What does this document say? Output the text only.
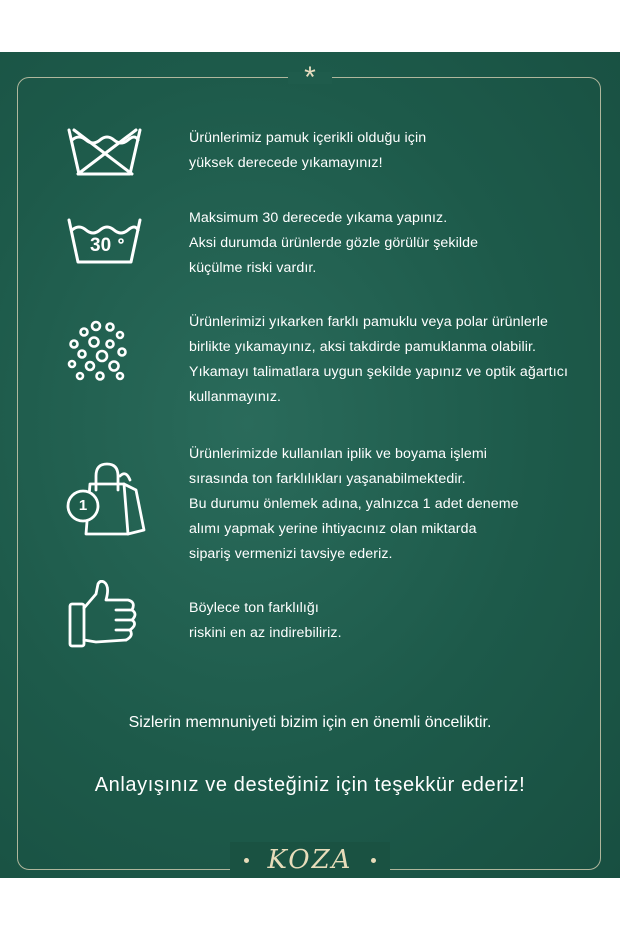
*
Ürünlerimiz pamuk içerikli olduğu için
yüksek derecede yıkamayınız!
30
Maksimum 30 derecede yıkama yapınız.
Aksi durumda ürünlerde gözle görülür şekilde
küçülme riski vardır.
Ürünlerimizi yıkarken farklı pamuklu veya polar ürünlerle
birlikte yıkamayınız, aksi takdirde pamuklanma olabilir.
Yıkamayı talimatlara uygun şekilde yapınız ve optik ağartıcı
kullanmayınız.
1
Ürünlerimizde kullanılan iplik ve boyama işlemi
sırasında ton farklılıkları yaşanabilmektedir.
Bu durumu önlemek adına, yalnızca 1 adet deneme
alımı yapmak yerine ihtiyacınız olan miktarda
sipariş vermenizi tavsiye ederiz.
Böylece ton farklılığı
riskini en az indirebiliriz.
Sizlerin memnuniyeti bizim için en önemli önceliktir.
Anlayışınız ve desteğiniz için teşekkür ederiz!
KOZA
